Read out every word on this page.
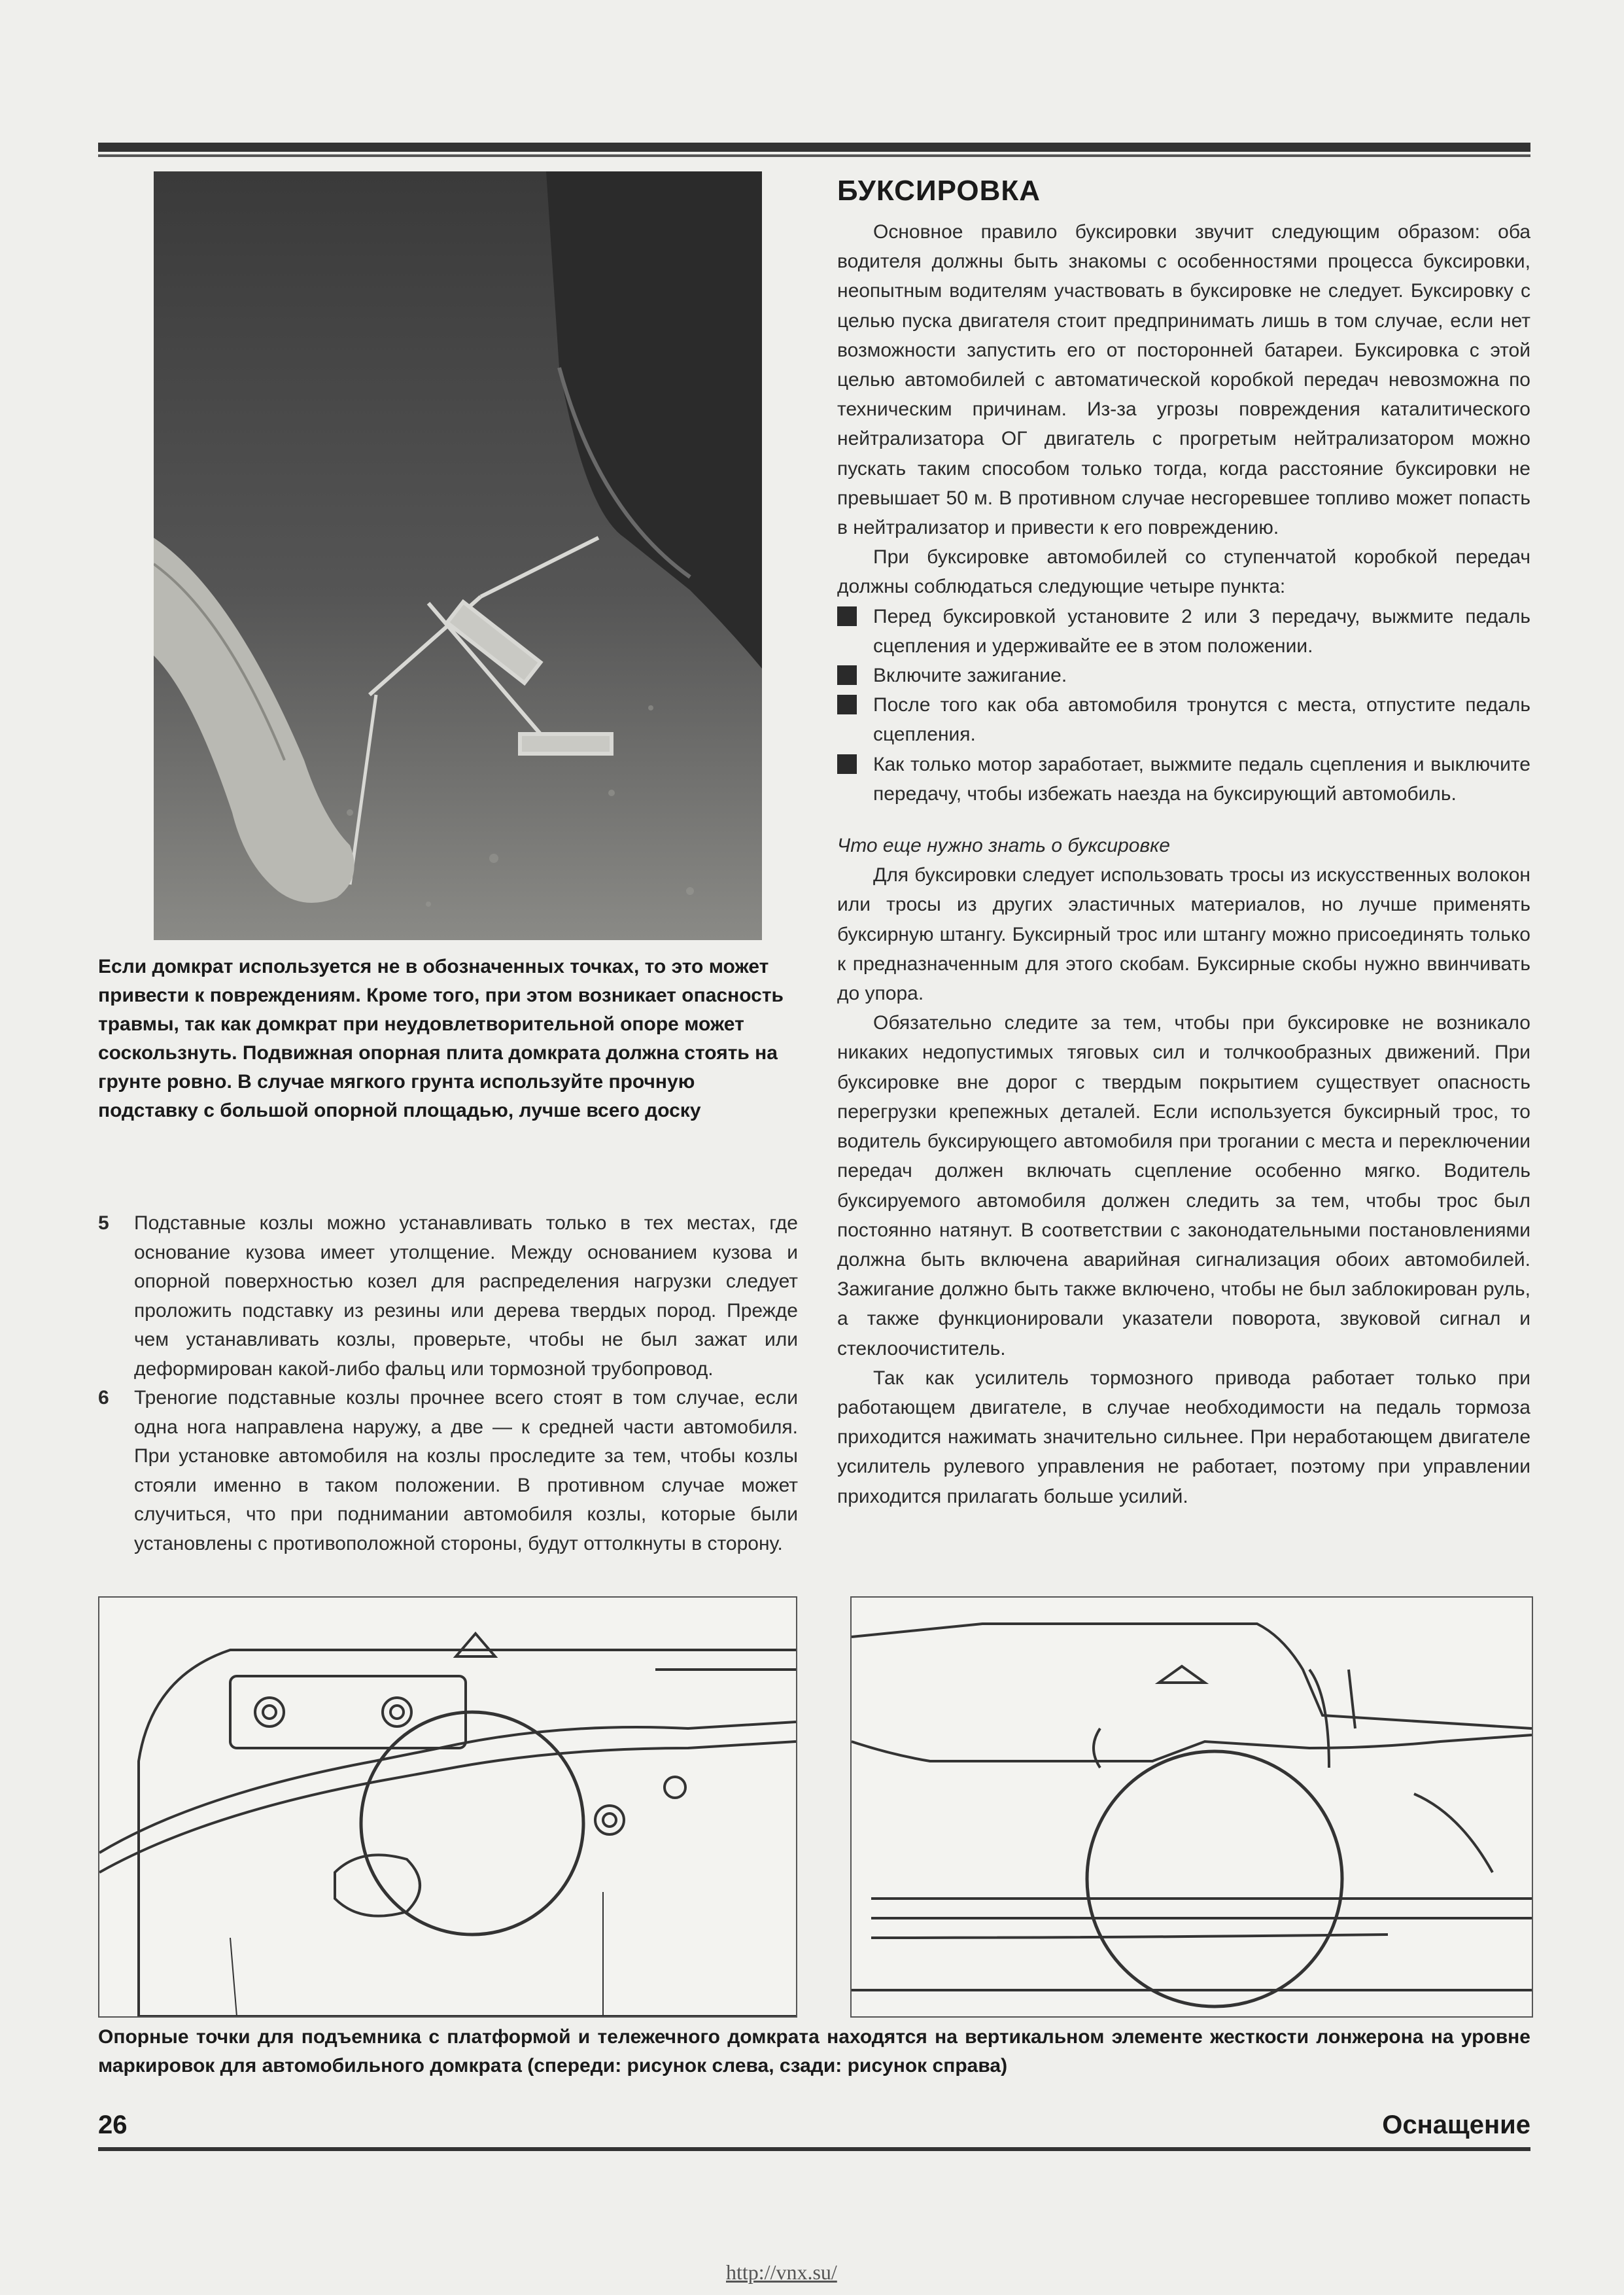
Если домкрат используется не в обозначенных точках, то это может привести к повреждениям. Кроме того, при этом возникает опасность травмы, так как домкрат при неудовлетворительной опоре может соскользнуть. Подвижная опорная плита домкрата должна стоять на грунте ровно. В случае мягкого грунта используйте прочную подставку с большой опорной площадью, лучше всего доску
5	Подставные козлы можно устанавливать только в тех местах, где основание кузова имеет утолщение. Между основанием кузова и опорной поверхностью козел для распределения нагрузки следует проложить подставку из резины или дерева твердых пород. Прежде чем устанавливать козлы, проверьте, чтобы не был зажат или деформирован какой-либо фальц или тормозной трубопровод.
6	Треногие подставные козлы прочнее всего стоят в том случае, если одна нога направлена наружу, а две — к средней части автомобиля. При установке автомобиля на козлы проследите за тем, чтобы козлы стояли именно в таком положении. В противном случае может случиться, что при поднимании автомобиля козлы, которые были установлены с противоположной стороны, будут оттолкнуты в сторону.
БУКСИРОВКА

Основное правило буксировки звучит следующим образом: оба водителя должны быть знакомы с особенностями процесса буксировки, неопытным водителям участвовать в буксировке не следует. Буксировку с целью пуска двигателя стоит предпринимать лишь в том случае, если нет возможности запустить его от посторонней батареи. Буксировка с этой целью автомобилей с автоматической коробкой передач невозможна по техническим причинам. Из-за угрозы повреждения каталитического нейтрализатора ОГ двигатель с прогретым нейтрализатором можно пускать таким способом только тогда, когда расстояние буксировки не превышает 50 м. В противном случае несгоревшее топливо может попасть в нейтрализатор и привести к его повреждению.

При буксировке автомобилей со ступенчатой коробкой передач должны соблюдаться следующие четыре пункта:

Перед буксировкой установите 2 или 3 передачу, выжмите педаль сцепления и удерживайте ее в этом положении.
Включите зажигание.
После того как оба автомобиля тронутся с места, отпустите педаль сцепления.
Как только мотор заработает, выжмите педаль сцепления и выключите передачу, чтобы избежать наезда на буксирующий автомобиль.

Что еще нужно знать о буксировке

Для буксировки следует использовать тросы из искусственных волокон или тросы из других эластичных материалов, но лучше применять буксирную штангу. Буксирный трос или штангу можно присоединять только к предназначенным для этого скобам. Буксирные скобы нужно ввинчивать до упора.

Обязательно следите за тем, чтобы при буксировке не возникало никаких недопустимых тяговых сил и толчкообразных движений. При буксировке вне дорог с твердым покрытием существует опасность перегрузки крепежных деталей. Если используется буксирный трос, то водитель буксирующего автомобиля при трогании с места и переключении передач должен включать сцепление особенно мягко. Водитель буксируемого автомобиля должен следить за тем, чтобы трос был постоянно натянут. В соответствии с законодательными постановлениями должна быть включена аварийная сигнализация обоих автомобилей. Зажигание должно быть также включено, чтобы не был заблокирован руль, а также функционировали указатели поворота, звуковой сигнал и стеклоочиститель.

Так как усилитель тормозного привода работает только при работающем двигателе, в случае необходимости на педаль тормоза приходится нажимать значительно сильнее. При неработающем двигателе усилитель рулевого управления не работает, поэтому при управлении приходится прилагать больше усилий.

Опорные точки для подъемника с платформой и тележечного домкрата находятся на вертикальном элементе жесткости лонжерона на уровне маркировок для автомобильного домкрата (спереди: рисунок слева, сзади: рисунок справа)
26	Оснащение
http://vnx.su/
